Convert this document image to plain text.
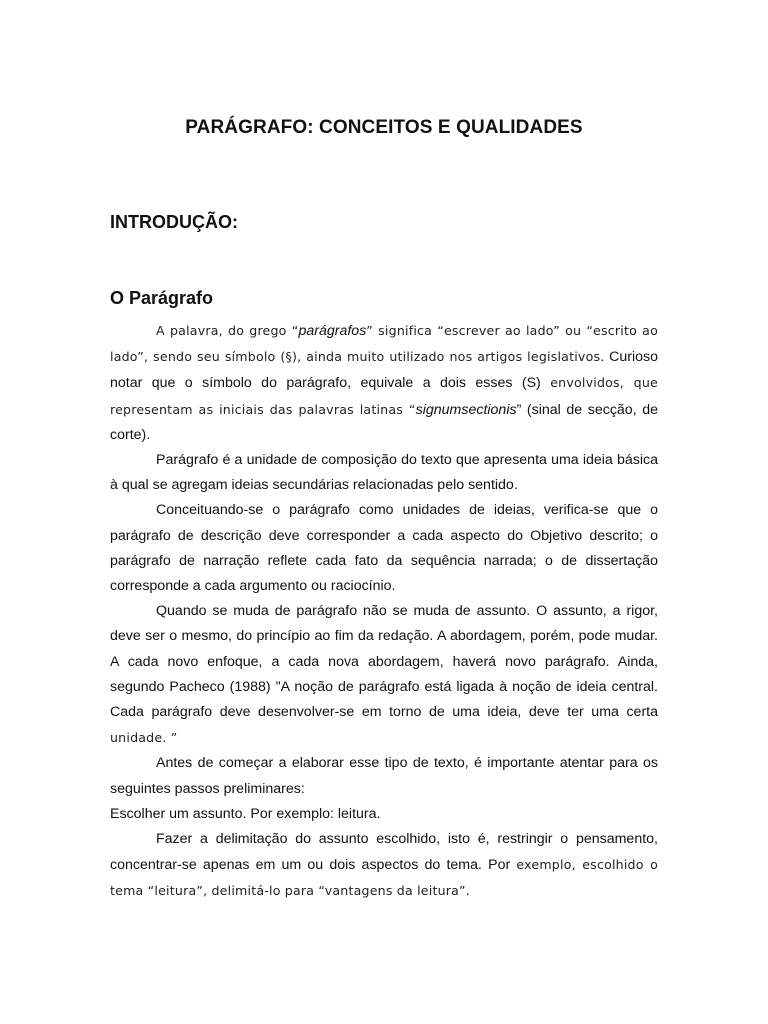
PARÁGRAFO: CONCEITOS E QUALIDADES
INTRODUÇÃO:
O Parágrafo

A palavra, do grego “parágrafos” significa “escrever ao lado” ou “escrito ao lado”, sendo seu símbolo (§), ainda muito utilizado nos artigos legislativos. Curioso notar que o símbolo do parágrafo, equivale a dois esses (S) envolvidos, que representam as iniciais das palavras latinas “signumsectionis” (sinal de secção, de corte).

Parágrafo é a unidade de composição do texto que apresenta uma ideia básica à qual se agregam ideias secundárias relacionadas pelo sentido.

Conceituando-se o parágrafo como unidades de ideias, verifica-se que o parágrafo de descrição deve corresponder a cada aspecto do Objetivo descrito; o parágrafo de narração reflete cada fato da sequência narrada; o de dissertação corresponde a cada argumento ou raciocínio.

Quando se muda de parágrafo não se muda de assunto. O assunto, a rigor, deve ser o mesmo, do princípio ao fim da redação. A abordagem, porém, pode mudar. A cada novo enfoque, a cada nova abordagem, haverá novo parágrafo. Ainda, segundo Pacheco (1988) "A noção de parágrafo está ligada à noção de ideia central. Cada parágrafo deve desenvolver-se em torno de uma ideia, deve ter uma certa unidade. ”

Antes de começar a elaborar esse tipo de texto, é importante atentar para os seguintes passos preliminares:

Escolher um assunto. Por exemplo: leitura.

Fazer a delimitação do assunto escolhido, isto é, restringir o pensamento, concentrar-se apenas em um ou dois aspectos do tema. Por exemplo, escolhido o tema “leitura”, delimitá-lo para “vantagens da leitura”.
